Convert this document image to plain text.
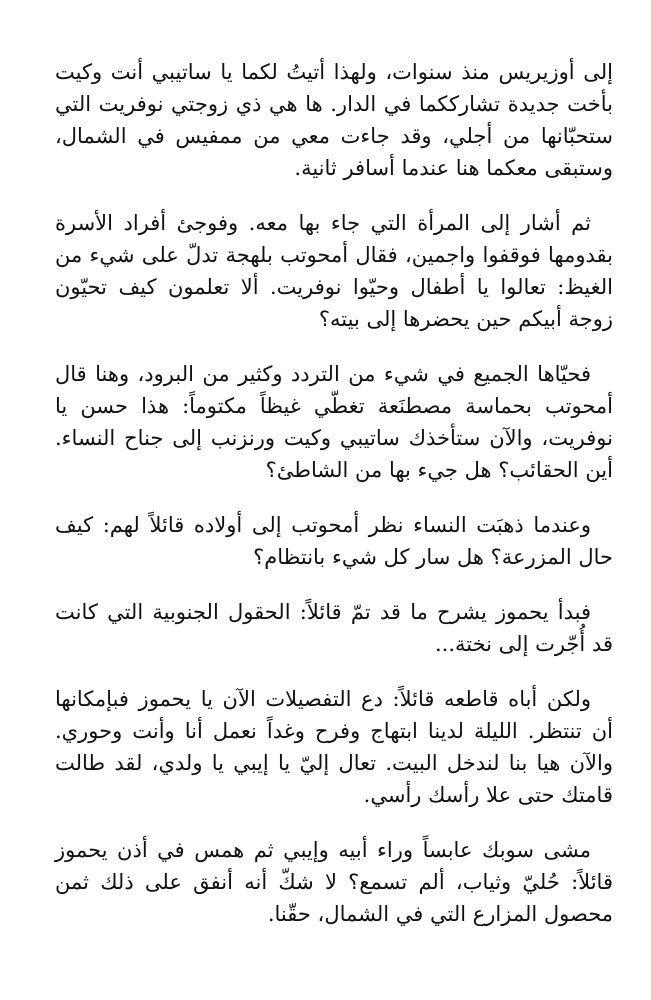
إلى أوزيريس منذ سنوات، ولهذا أتيتُ لكما يا ساتيبي أنت وكيت بأخت جديدة تشارككما في الدار. ها هي ذي زوجتي نوفريت التي ستحبّانها من أجلي، وقد جاءت معي من ممفيس في الشمال، وستبقى معكما هنا عندما أسافر ثانية.

ثم أشار إلى المرأة التي جاء بها معه. وفوجئ أفراد الأسرة بقدومها فوقفوا واجمين، فقال أمحوتب بلهجة تدلّ على شيء من الغيظ: تعالوا يا أطفال وحيّوا نوفريت. ألا تعلمون كيف تحيّون زوجة أبيكم حين يحضرها إلى بيته؟

فحيّاها الجميع في شيء من التردد وكثير من البرود، وهنا قال أمحوتب بحماسة مصطنَعة تغطّي غيظاً مكتوماً: هذا حسن يا نوفريت، والآن ستأخذك ساتيبي وكيت ورنزنب إلى جناح النساء. أين الحقائب؟ هل جيء بها من الشاطئ؟

وعندما ذهبَت النساء نظر أمحوتب إلى أولاده قائلاً لهم: كيف حال المزرعة؟ هل سار كل شيء بانتظام؟

فبدأ يحموز يشرح ما قد تمّ قائلاً: الحقول الجنوبية التي كانت قد أُجّرت إلى نختة...

ولكن أباه قاطعه قائلاً: دع التفصيلات الآن يا يحموز فبإمكانها أن تنتظر. الليلة لدينا ابتهاج وفرح وغداً نعمل أنا وأنت وحوري. والآن هيا بنا لندخل البيت. تعال إليّ يا إيبي يا ولدي، لقد طالت قامتك حتى علا رأسك رأسي.

مشى سوبك عابساً وراء أبيه وإيبي ثم همس في أذن يحموز قائلاً: حُليّ وثياب، ألم تسمع؟ لا شكّ أنه أنفق على ذلك ثمن محصول المزارع التي في الشمال، حقّنا.
